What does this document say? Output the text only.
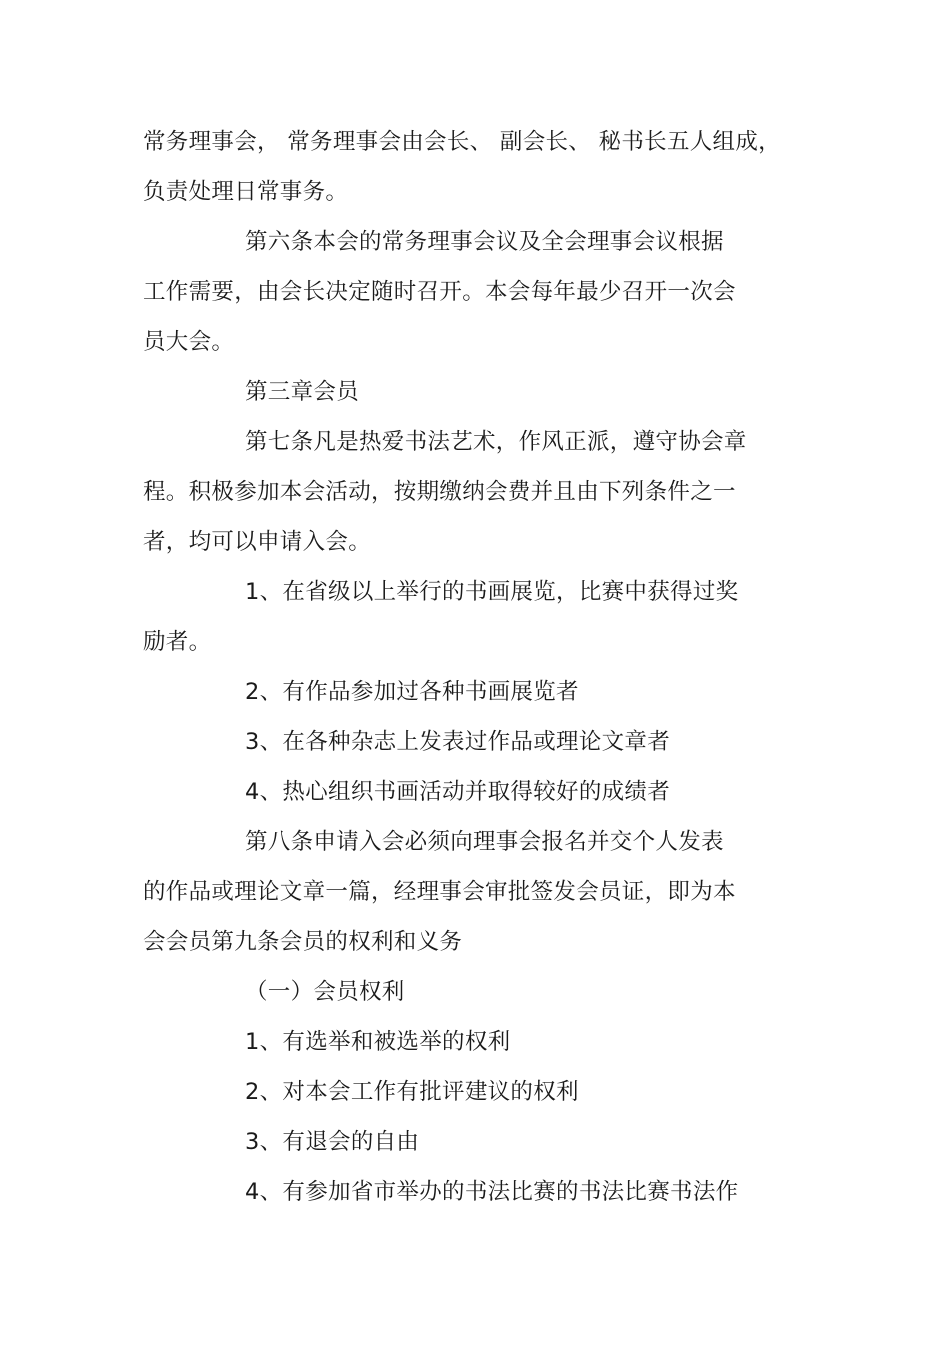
常务理事会， 常务理事会由会长、 副会长、 秘书长五人组成，
负责处理日常事务。
第六条本会的常务理事会议及全会理事会议根据
工作需要，由会长决定随时召开。本会每年最少召开一次会
员大会。
第三章会员
第七条凡是热爱书法艺术，作风正派，遵守协会章
程。积极参加本会活动，按期缴纳会费并且由下列条件之一
者，均可以申请入会。
1、在省级以上举行的书画展览，比赛中获得过奖
励者。
2、有作品参加过各种书画展览者
3、在各种杂志上发表过作品或理论文章者
4、热心组织书画活动并取得较好的成绩者
第八条申请入会必须向理事会报名并交个人发表
的作品或理论文章一篇，经理事会审批签发会员证，即为本
会会员第九条会员的权利和义务
（一）会员权利
1、有选举和被选举的权利
2、对本会工作有批评建议的权利
3、有退会的自由
4、有参加省市举办的书法比赛的书法比赛书法作
